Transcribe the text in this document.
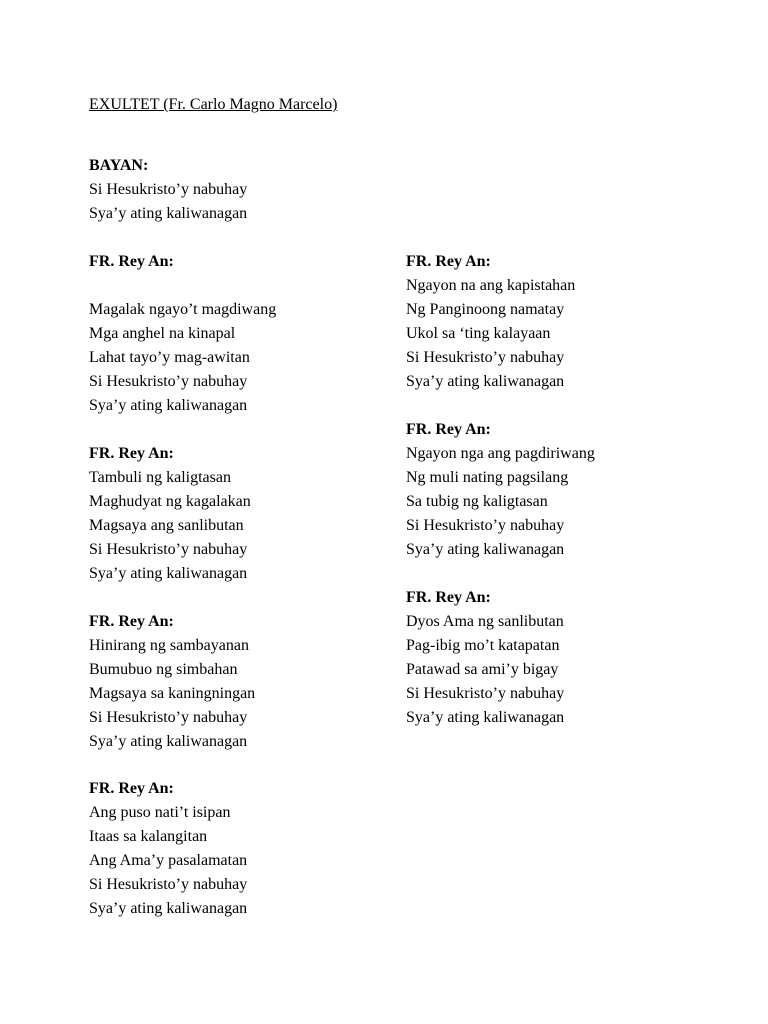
EXULTET (Fr. Carlo Magno Marcelo)
BAYAN:
Si Hesukristo’y nabuhay
Sya’y ating kaliwanagan
FR. Rey An:
Magalak ngayo’t magdiwang
Mga anghel na kinapal
Lahat tayo’y mag-awitan
Si Hesukristo’y nabuhay
Sya’y ating kaliwanagan
FR. Rey An:
Tambuli ng kaligtasan
Maghudyat ng kagalakan
Magsaya ang sanlibutan
Si Hesukristo’y nabuhay
Sya’y ating kaliwanagan
FR. Rey An:
Hinirang ng sambayanan
Bumubuo ng simbahan
Magsaya sa kaningningan
Si Hesukristo’y nabuhay
Sya’y ating kaliwanagan
FR. Rey An:
Ang puso nati’t isipan
Itaas sa kalangitan
Ang Ama’y pasalamatan
Si Hesukristo’y nabuhay
Sya’y ating kaliwanagan
FR. Rey An:
Ngayon na ang kapistahan
Ng Panginoong namatay
Ukol sa ‘ting kalayaan
Si Hesukristo’y nabuhay
Sya’y ating kaliwanagan
FR. Rey An:
Ngayon nga ang pagdiriwang
Ng muli nating pagsilang
Sa tubig ng kaligtasan
Si Hesukristo’y nabuhay
Sya’y ating kaliwanagan
FR. Rey An:
Dyos Ama ng sanlibutan
Pag-ibig mo’t katapatan
Patawad sa ami’y bigay
Si Hesukristo’y nabuhay
Sya’y ating kaliwanagan
